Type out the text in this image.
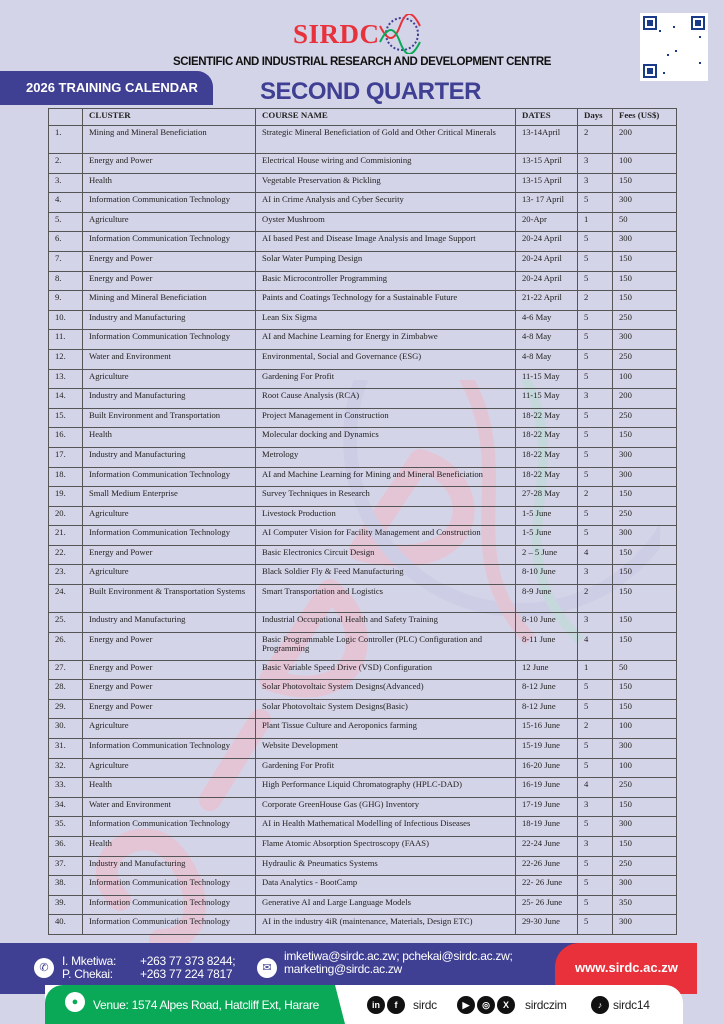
SIRDC
SCIENTIFIC AND INDUSTRIAL RESEARCH AND DEVELOPMENT CENTRE
2026 TRAINING CALENDAR	SECOND QUARTER
	CLUSTER	COURSE NAME	DATES	Days	Fees (US$)
1.	Mining and Mineral Beneficiation	Strategic Mineral Beneficiation of Gold and Other Critical Minerals	13-14April	2	200
2.	Energy and Power	Electrical House wiring and Commisioning	13-15 April	3	100
3.	Health	Vegetable Preservation & Pickling	13-15 April	3	150
4.	Information Communication Technology	AI in Crime Analysis and Cyber Security	13- 17 April	5	300
5.	Agriculture	Oyster Mushroom	20-Apr	1	50
6.	Information Communication Technology	AI based Pest and Disease Image Analysis and Image Support	20-24 April	5	300
7.	Energy and Power	Solar Water Pumping Design	20-24 April	5	150
8.	Energy and Power	Basic Microcontroller Programming	20-24 April	5	150
9.	Mining and Mineral Beneficiation	Paints and Coatings Technology for a Sustainable Future	21-22 April	2	150
10.	Industry and Manufacturing	Lean Six Sigma	4-6 May	5	250
11.	Information Communication Technology	AI and Machine Learning for Energy in Zimbabwe	4-8 May	5	300
12.	Water and Environment	Environmental, Social and Governance (ESG)	4-8 May	5	250
13.	Agriculture	Gardening For Profit	11-15 May	5	100
14.	Industry and Manufacturing	Root Cause Analysis (RCA)	11-15 May	3	200
15.	Built Environment and Transportation	Project Management in Construction	18-22 May	5	250
16.	Health	Molecular docking and Dynamics	18-22 May	5	150
17.	Industry and Manufacturing	Metrology	18-22 May	5	300
18.	Information Communication Technology	AI and Machine Learning for Mining and Mineral Beneficiation	18-22 May	5	300
19.	Small Medium Enterprise	Survey Techniques in Research	27-28 May	2	150
20.	Agriculture	Livestock Production	1-5 June	5	250
21.	Information Communication Technology	AI Computer Vision for Facility Management and Construction	1-5 June	5	300
22.	Energy and Power	Basic Electronics Circuit Design	2 – 5 June	4	150
23.	Agriculture	Black Soldier Fly & Feed Manufacturing	8-10 June	3	150
24.	Built Environment & Transportation Systems	Smart Transportation and Logistics	8-9 June	2	150
25.	Industry and Manufacturing	Industrial Occupational Health and Safety Training	8-10 June	3	150
26.	Energy and Power	Basic Programmable Logic Controller (PLC) Configuration and Programming	8-11 June	4	150
27.	Energy and Power	Basic Variable Speed Drive (VSD) Configuration	12 June	1	50
28.	Energy and Power	Solar Photovoltaic System Designs(Advanced)	8-12 June	5	150
29.	Energy and Power	Solar Photovoltaic System Designs(Basic)	8-12 June	5	150
30.	Agriculture	Plant Tissue Culture and Aeroponics farming	15-16 June	2	100
31.	Information Communication Technology	Website Development	15-19 June	5	300
32.	Agriculture	Gardening For Profit	16-20 June	5	100
33.	Health	High Performance Liquid Chromatography (HPLC-DAD)	16-19 June	4	250
34.	Water and Environment	Corporate GreenHouse Gas (GHG) Inventory	17-19 June	3	150
35.	Information Communication Technology	AI in Health Mathematical Modelling of Infectious Diseases	18-19 June	5	300
36.	Health	Flame Atomic Absorption Spectroscopy (FAAS)	22-24 June	3	150
37.	Industry and Manufacturing	Hydraulic & Pneumatics Systems	22-26 June	5	250
38.	Information Communication Technology	Data Analytics - BootCamp	22- 26 June	5	300
39.	Information Communication Technology	Generative AI and Large Language Models	25- 26 June	5	350
40.	Information Communication Technology	AI in the industry 4iR (maintenance, Materials, Design ETC)	29-30 June	5	300
✆	I. Mketiwa:
P. Chekai:
+263 77 373 8244;
+263 77 224 7817	✉
imketiwa@sirdc.ac.zw; pchekai@sirdc.ac.zw;
marketing@sirdc.ac.zw	www.sirdc.ac.zw
●	Venue: 1574 Alpes Road, Hatcliff Ext, Harare	in	f	sirdc	▶	◎	X	sirdczim	♪ sirdc14
